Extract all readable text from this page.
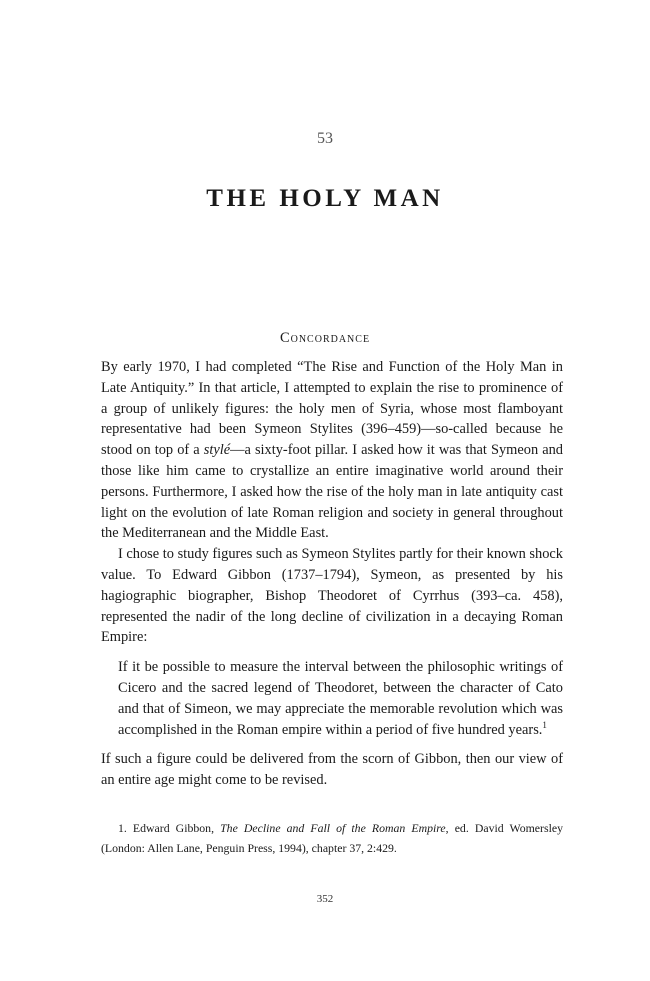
53
THE HOLY MAN
Concordance

By early 1970, I had completed “The Rise and Function of the Holy Man in Late Antiquity.” In that article, I attempted to explain the rise to prominence of a group of unlikely figures: the holy men of Syria, whose most flamboyant representative had been Symeon Stylites (396–459)—so-called because he stood on top of a stylé—a sixty-foot pillar. I asked how it was that Symeon and those like him came to crystallize an entire imaginative world around their persons. Furthermore, I asked how the rise of the holy man in late antiquity cast light on the evolution of late Roman religion and society in general throughout the Mediterranean and the Middle East.

I chose to study figures such as Symeon Stylites partly for their known shock value. To Edward Gibbon (1737–1794), Symeon, as presented by his hagiographic biographer, Bishop Theodoret of Cyrrhus (393–ca. 458), represented the nadir of the long decline of civilization in a decaying Roman Empire:

If it be possible to measure the interval between the philosophic writings of Cicero and the sacred legend of Theodoret, between the character of Cato and that of Simeon, we may appreciate the memorable revolution which was accomplished in the Roman empire within a period of five hundred years.$^1$

If such a figure could be delivered from the scorn of Gibbon, then our view of an entire age might come to be revised.

1. Edward Gibbon, The Decline and Fall of the Roman Empire, ed. David Womersley (London: Allen Lane, Penguin Press, 1994), chapter 37, 2:429.
352
